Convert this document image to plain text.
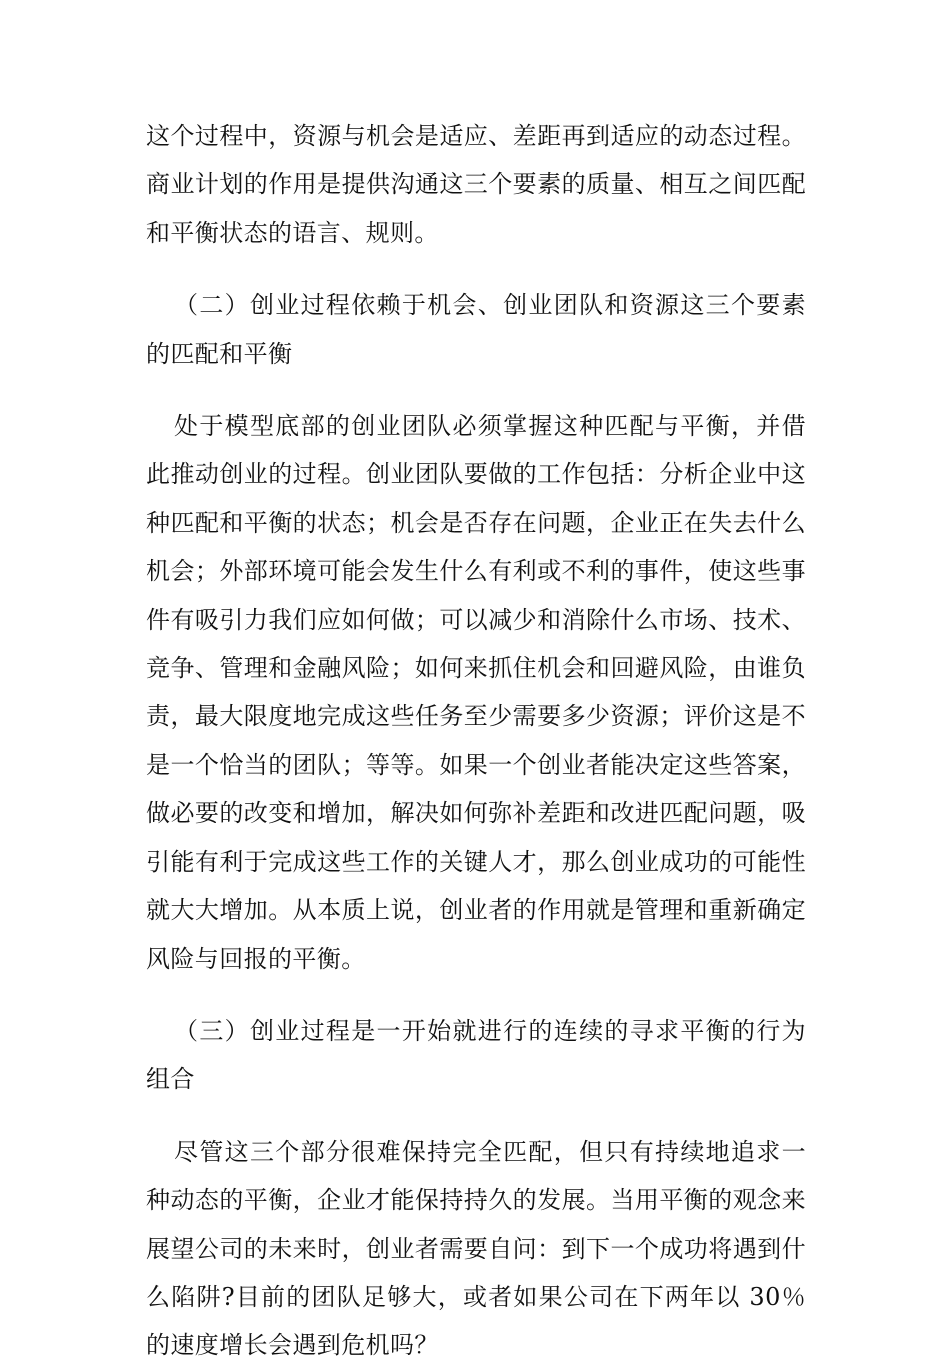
这个过程中，资源与机会是适应、差距再到适应的动态过程。商业计划的作用是提供沟通这三个要素的质量、相互之间匹配和平衡状态的语言、规则。

（二）创业过程依赖于机会、创业团队和资源这三个要素的匹配和平衡

处于模型底部的创业团队必须掌握这种匹配与平衡，并借此推动创业的过程。创业团队要做的工作包括：分析企业中这种匹配和平衡的状态；机会是否存在问题，企业正在失去什么机会；外部环境可能会发生什么有利或不利的事件，使这些事件有吸引力我们应如何做；可以减少和消除什么市场、技术、竞争、管理和金融风险；如何来抓住机会和回避风险，由谁负责，最大限度地完成这些任务至少需要多少资源；评价这是不是一个恰当的团队；等等。如果一个创业者能决定这些答案，做必要的改变和增加，解决如何弥补差距和改进匹配问题，吸引能有利于完成这些工作的关键人才，那么创业成功的可能性就大大增加。从本质上说，创业者的作用就是管理和重新确定风险与回报的平衡。

（三）创业过程是一开始就进行的连续的寻求平衡的行为组合

尽管这三个部分很难保持完全匹配，但只有持续地追求一种动态的平衡，企业才能保持持久的发展。当用平衡的观念来展望公司的未来时，创业者需要自问：到下一个成功将遇到什么陷阱?目前的团队足够大，或者如果公司在下两年以 30％的速度增长会遇到危机吗？
